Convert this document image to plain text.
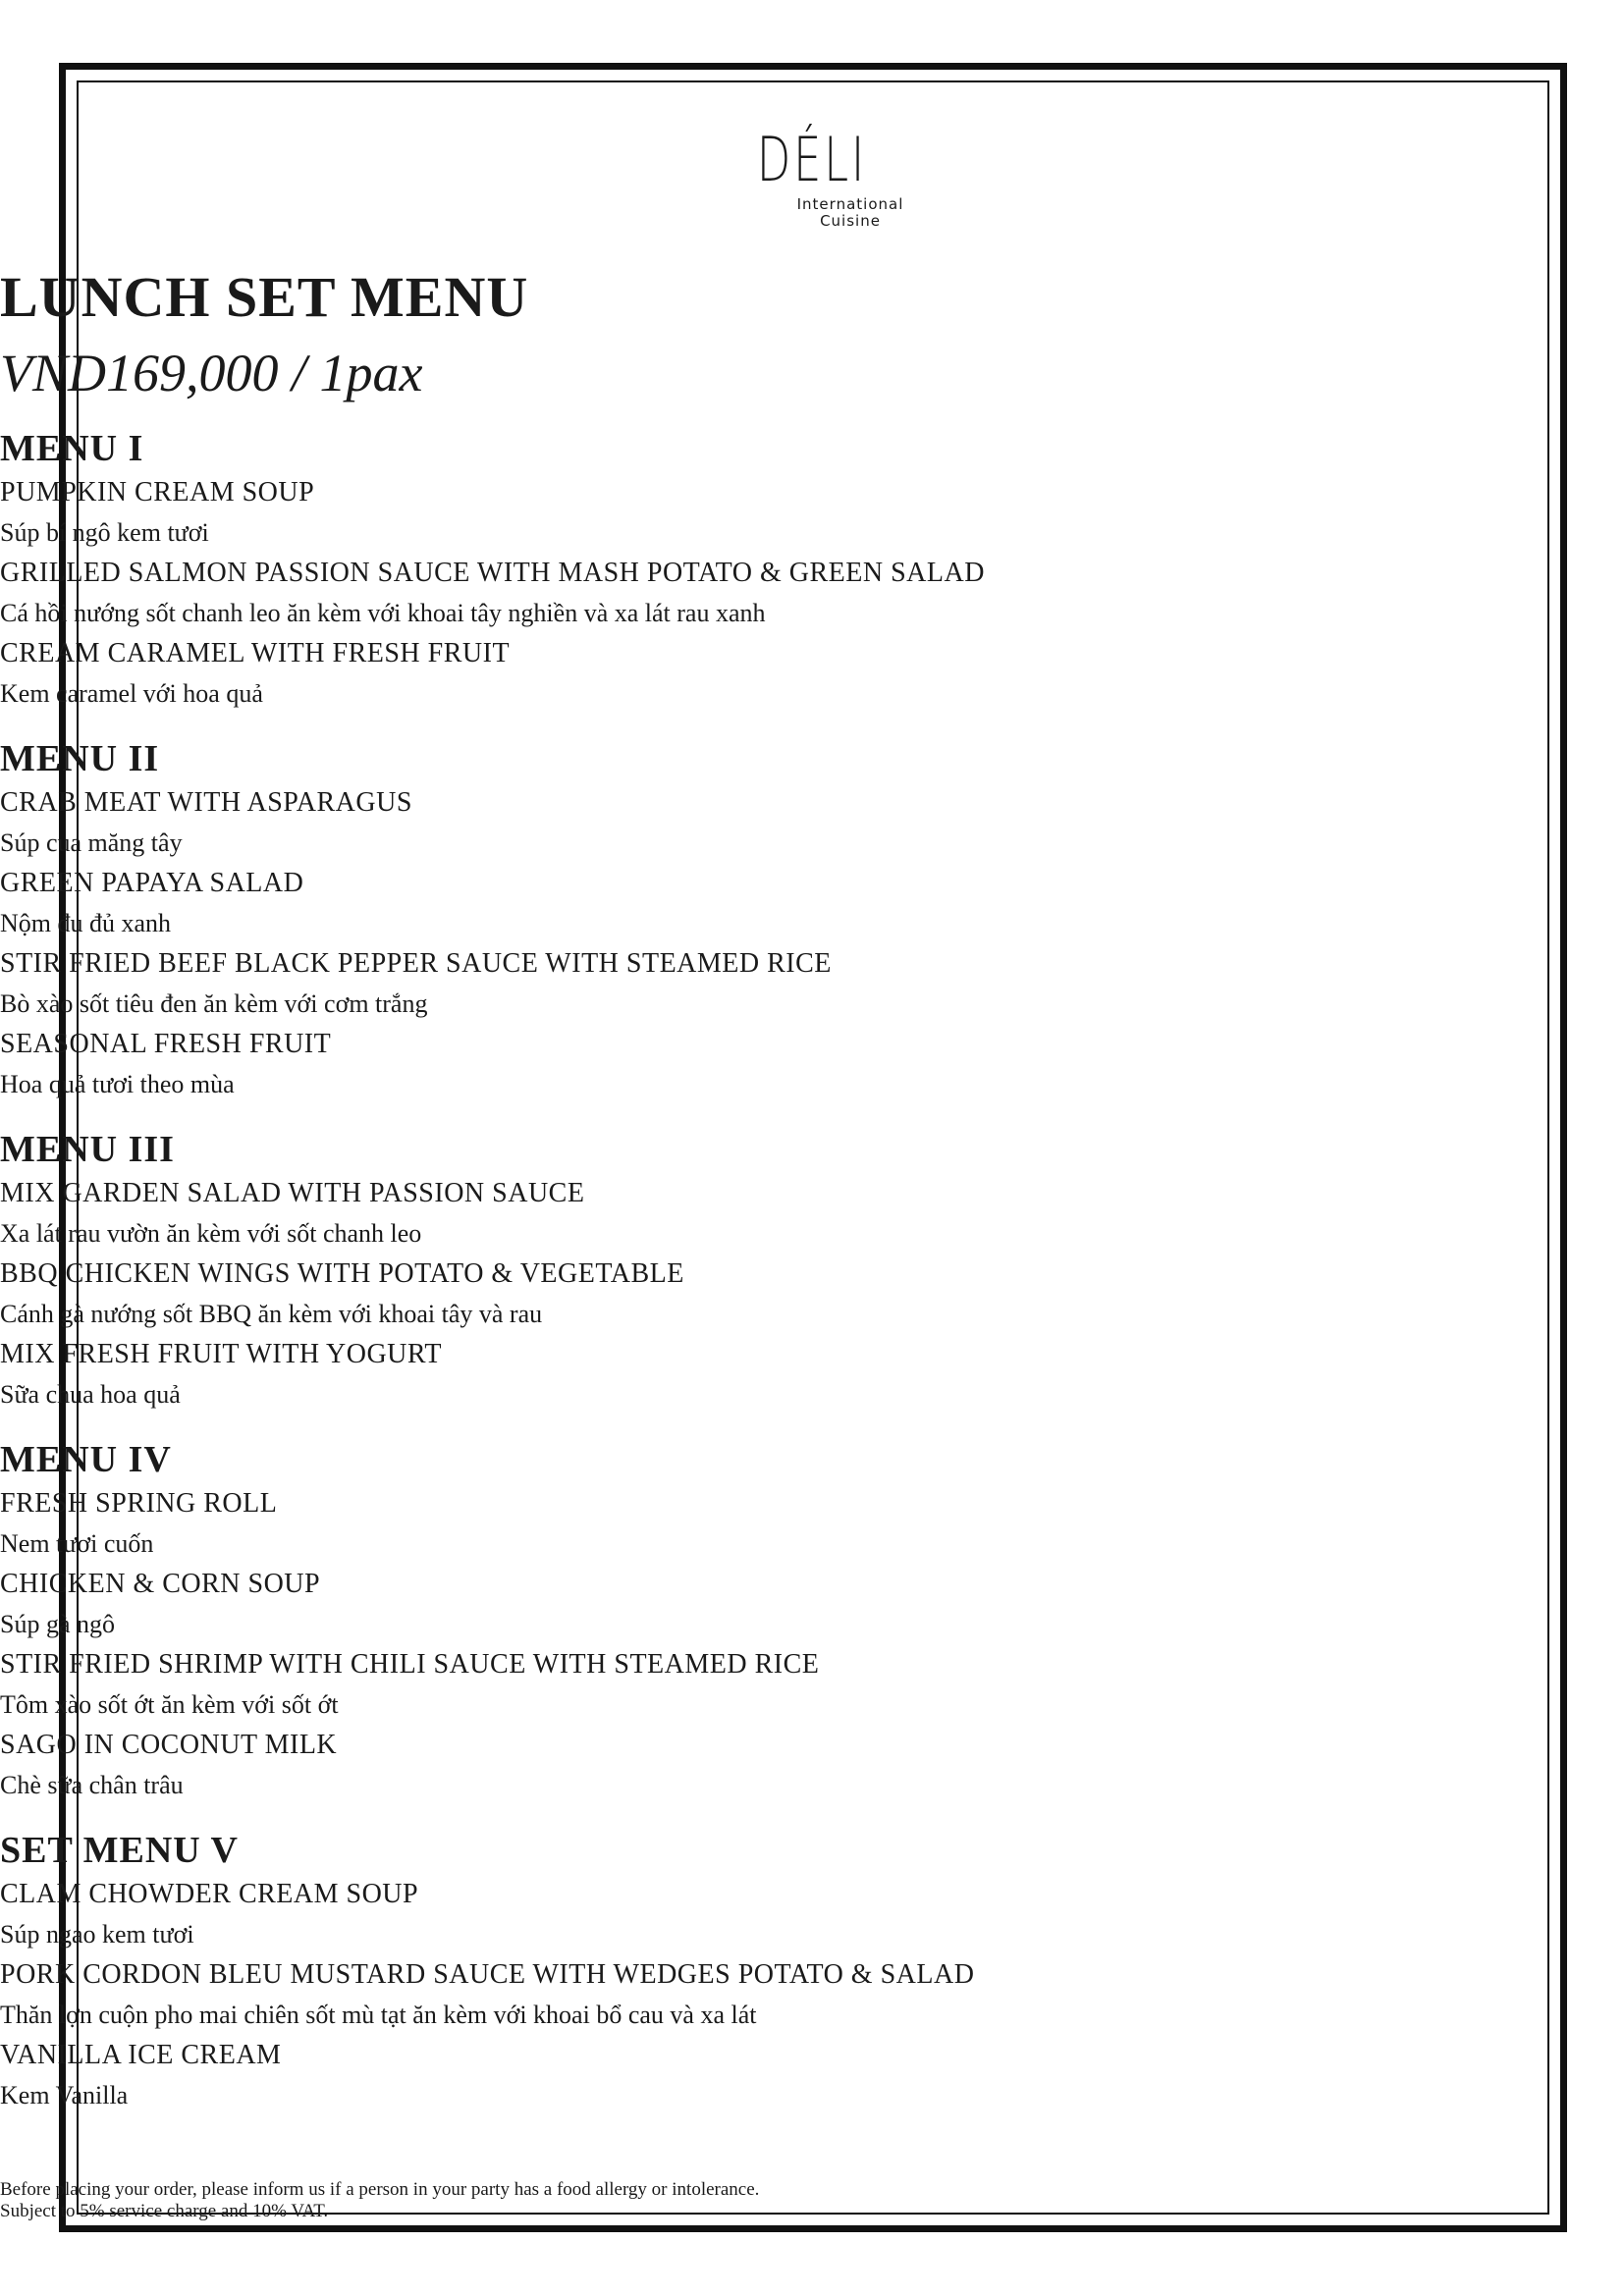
DÉLI
International
Cuisine
LUNCH SET MENU
VND169,000 / 1pax
MENU I
PUMPKIN CREAM SOUP
Súp bí ngô kem tươi
GRILLED SALMON PASSION SAUCE WITH MASH POTATO & GREEN SALAD
Cá hồi nướng sốt chanh leo ăn kèm với khoai tây nghiền và xa lát rau xanh
CREAM CARAMEL WITH FRESH FRUIT
Kem caramel với hoa quả
MENU II
CRAB MEAT WITH ASPARAGUS
Súp cua măng tây
GREEN PAPAYA SALAD
Nộm đu đủ xanh
STIR FRIED BEEF BLACK PEPPER SAUCE WITH STEAMED RICE
Bò xào sốt tiêu đen ăn kèm với cơm trắng
SEASONAL FRESH FRUIT
Hoa quả tươi theo mùa
MENU III
MIX GARDEN SALAD WITH PASSION SAUCE
Xa lát rau vườn ăn kèm với sốt chanh leo
BBQ CHICKEN WINGS WITH POTATO & VEGETABLE
Cánh gà nướng sốt BBQ ăn kèm với khoai tây và rau
MIX FRESH FRUIT WITH YOGURT
Sữa chua hoa quả
MENU IV
FRESH SPRING ROLL
Nem tươi cuốn
CHICKEN & CORN SOUP
Súp gà ngô
STIR FRIED SHRIMP WITH CHILI SAUCE WITH STEAMED RICE
Tôm xào sốt ớt ăn kèm với sốt ớt
SAGO IN COCONUT MILK
Chè sữa chân trâu
SET MENU V
CLAM CHOWDER CREAM SOUP
Súp ngao kem tươi
PORK CORDON BLEU MUSTARD SAUCE WITH WEDGES POTATO & SALAD
Thăn lợn cuộn pho mai chiên sốt mù tạt ăn kèm với khoai bổ cau và xa lát
VANILLA ICE CREAM
Kem Vanilla
Before placing your order, please inform us if a person in your party has a food allergy or intolerance.
Subject to 5% service charge and 10% VAT.
